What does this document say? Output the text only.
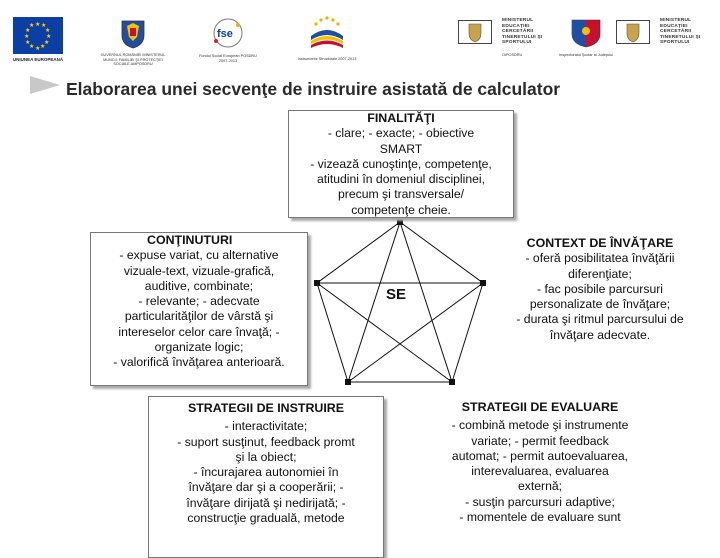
★ ★
★
★
★
★
★
★
★
★
★
★
UNIUNEA EUROPEANĂ
GUVERNUL ROMÂNIEI MINISTERUL MUNCII, FAMILIEI ŞI PROTECŢIEI SOCIALE AMPOSDRU
fse
Fondul Social European POSDRU 2007-2013	Instrumente Structurale 2007-2013
MINISTERUL EDUCAŢIEI CERCETĂRII TINERETULUI ŞI SPORTULUI
OIPOSDRU	Inspectoratul Şcolar al Judeţului
MINISTERUL EDUCAŢIEI CERCETĂRII TINERETULUI ŞI SPORTULUI
Elaborarea unei secvenţe de instruire asistată de calculator
SE
FINALITĂŢI

- clare; - exacte; - obiective

SMART

- vizează cunoştinţe, competenţe,

atitudini în domeniul disciplinei,

precum şi transversale/

competenţe cheie.

CONŢINUTURI

- expuse variat, cu alternative

vizuale-text, vizuale-grafică,

auditive, combinate;

- relevante; - adecvate

particularităţilor de vârstă şi

intereselor celor care învaţă; -

organizate logic;

- valorifică învăţarea anterioară.

CONTEXT DE ÎNVĂŢARE

- oferă posibilitatea învăţării

diferenţiate;

- fac posibile parcursuri

personalizate de învăţare;

- durata şi ritmul parcursului de

învăţare adecvate.

STRATEGII DE INSTRUIRE

- interactivitate;

- suport susţinut, feedback promt

şi la obiect;

- încurajarea autonomiei în

învăţare dar şi a cooperării; -

învăţare dirijată şi nedirijată; -

construcţie graduală, metode

STRATEGII DE EVALUARE

- combină metode şi instrumente

variate; - permit feedback

automat; - permit autoevaluarea,

interevaluarea, evaluarea

externă;

- susţin parcursuri adaptive;

- momentele de evaluare sunt
